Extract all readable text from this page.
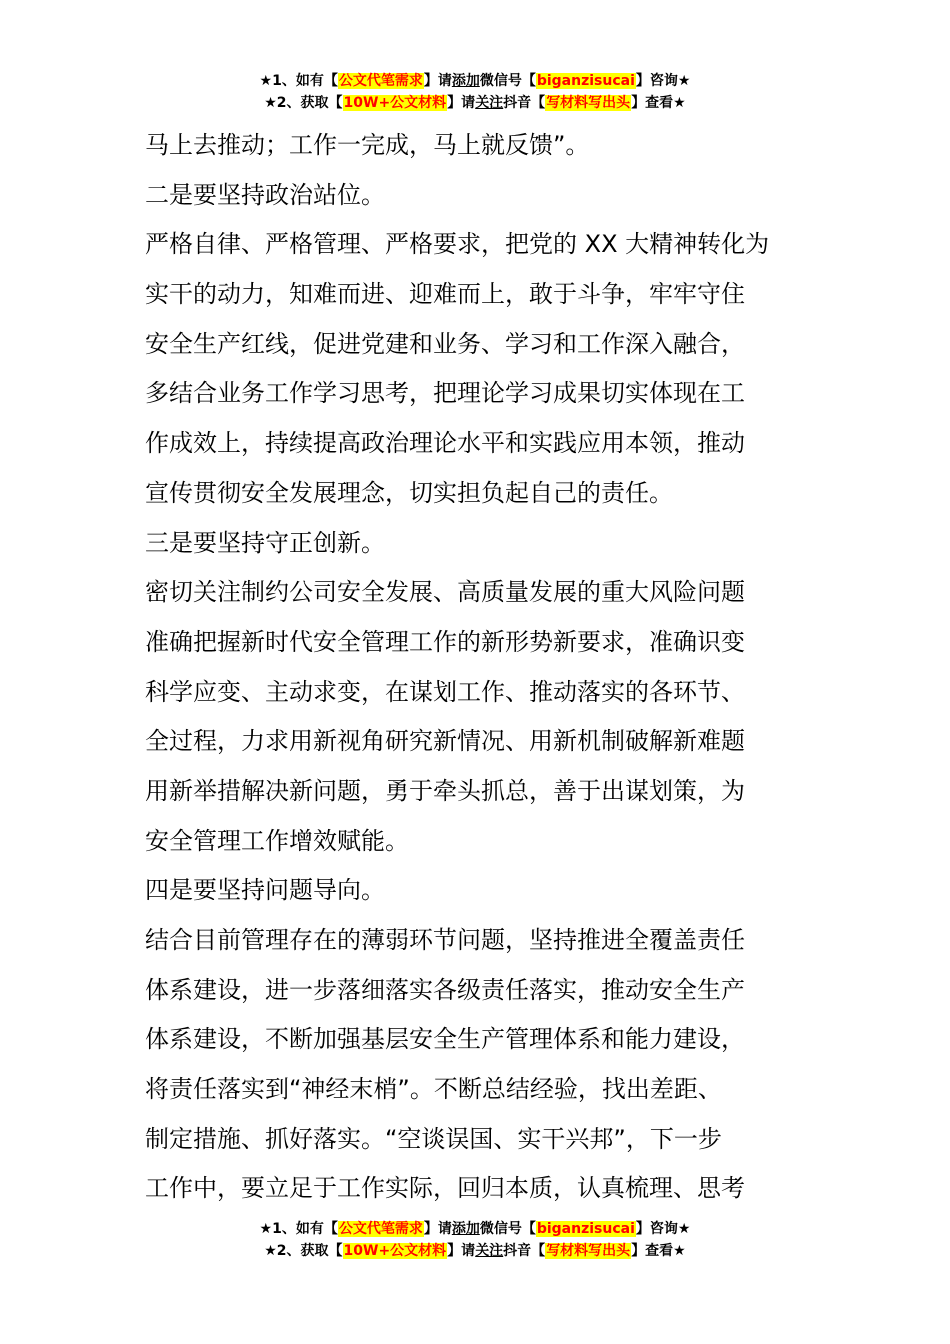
★1、如有【公文代笔需求】请添加微信号【biganzisucai】咨询★
★2、获取【10W+公文材料】请关注抖音【写材料写出头】查看★
马上去推动；工作一完成，马上就反馈”。
二是要坚持政治站位。
严格自律、严格管理、严格要求，把党的 XX 大精神转化为
实干的动力，知难而进、迎难而上，敢于斗争，牢牢守住
安全生产红线，促进党建和业务、学习和工作深入融合，
多结合业务工作学习思考，把理论学习成果切实体现在工
作成效上，持续提高政治理论水平和实践应用本领，推动
宣传贯彻安全发展理念，切实担负起自己的责任。
三是要坚持守正创新。
密切关注制约公司安全发展、高质量发展的重大风险问题
准确把握新时代安全管理工作的新形势新要求，准确识变
科学应变、主动求变，在谋划工作、推动落实的各环节、
全过程，力求用新视角研究新情况、用新机制破解新难题
用新举措解决新问题，勇于牵头抓总，善于出谋划策，为
安全管理工作增效赋能。
四是要坚持问题导向。
结合目前管理存在的薄弱环节问题，坚持推进全覆盖责任
体系建设，进一步落细落实各级责任落实，推动安全生产
体系建设，不断加强基层安全生产管理体系和能力建设，
将责任落实到“神经末梢”。不断总结经验，找出差距、
制定措施、抓好落实。“空谈误国、实干兴邦”，下一步
工作中，要立足于工作实际，回归本质，认真梳理、思考
★1、如有【公文代笔需求】请添加微信号【biganzisucai】咨询★
★2、获取【10W+公文材料】请关注抖音【写材料写出头】查看★
